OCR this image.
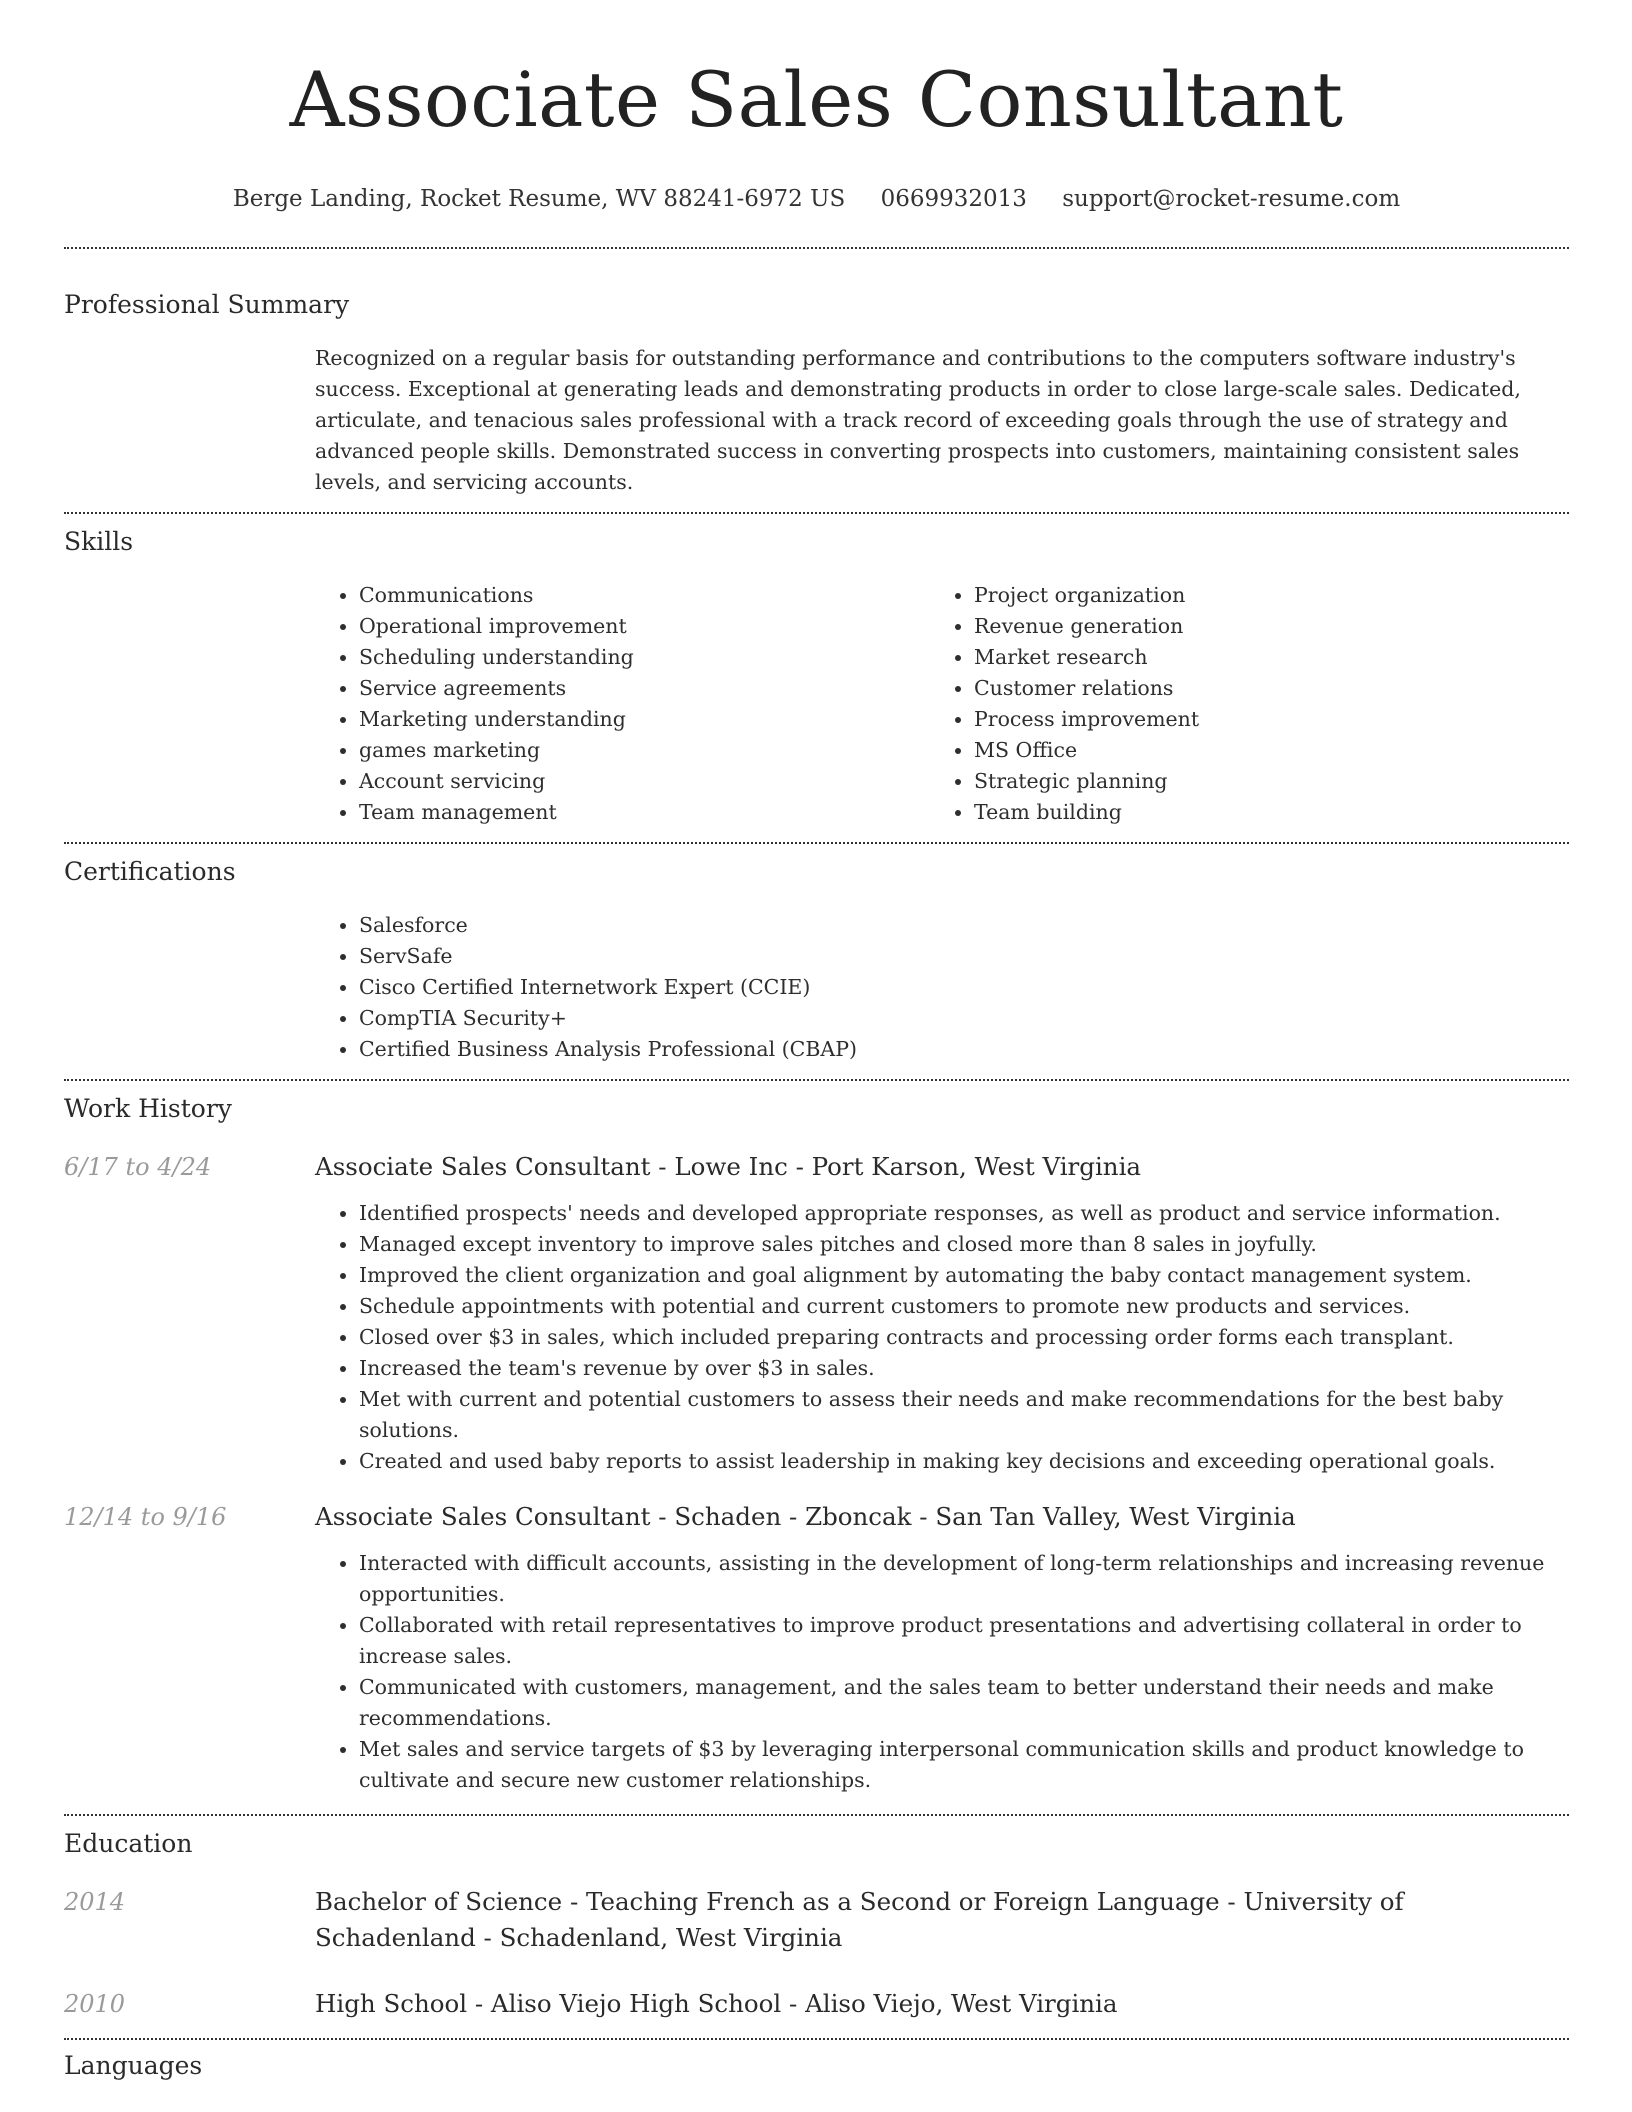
Associate Sales Consultant
Berge Landing, Rocket Resume, WV 88241-6972 US 0669932013 support@rocket-resume.com
Professional Summary
Recognized on a regular basis for outstanding performance and contributions to the computers software industry's success. Exceptional at generating leads and demonstrating products in order to close large-scale sales. Dedicated, articulate, and tenacious sales professional with a track record of exceeding goals through the use of strategy and advanced people skills. Demonstrated success in converting prospects into customers, maintaining consistent sales levels, and servicing accounts.
Skills
• Communications
• Operational improvement
• Scheduling understanding
• Service agreements
• Marketing understanding
• games marketing
• Account servicing
• Team management
• Project organization
• Revenue generation
• Market research
• Customer relations
• Process improvement
• MS Office
• Strategic planning
• Team building
Certifications
• Salesforce
• ServSafe
• Cisco Certified Internetwork Expert (CCIE)
• CompTIA Security+
• Certified Business Analysis Professional (CBAP)
Work History
6/17 to 4/24	Associate Sales Consultant - Lowe Inc - Port Karson, West Virginia
• Identified prospects' needs and developed appropriate responses, as well as product and service information.
• Managed except inventory to improve sales pitches and closed more than 8 sales in joyfully.
• Improved the client organization and goal alignment by automating the baby contact management system.
• Schedule appointments with potential and current customers to promote new products and services.
• Closed over $3 in sales, which included preparing contracts and processing order forms each transplant.
• Increased the team's revenue by over $3 in sales.
• Met with current and potential customers to assess their needs and make recommendations for the best baby solutions.
• Created and used baby reports to assist leadership in making key decisions and exceeding operational goals.
12/14 to 9/16	Associate Sales Consultant - Schaden - Zboncak - San Tan Valley, West Virginia
• Interacted with difficult accounts, assisting in the development of long-term relationships and increasing revenue opportunities.
• Collaborated with retail representatives to improve product presentations and advertising collateral in order to increase sales.
• Communicated with customers, management, and the sales team to better understand their needs and make recommendations.
• Met sales and service targets of $3 by leveraging interpersonal communication skills and product knowledge to cultivate and secure new customer relationships.
Education
2014	Bachelor of Science - Teaching French as a Second or Foreign Language - University of Schadenland - Schadenland, West Virginia
2010	High School - Aliso Viejo High School - Aliso Viejo, West Virginia
Languages
